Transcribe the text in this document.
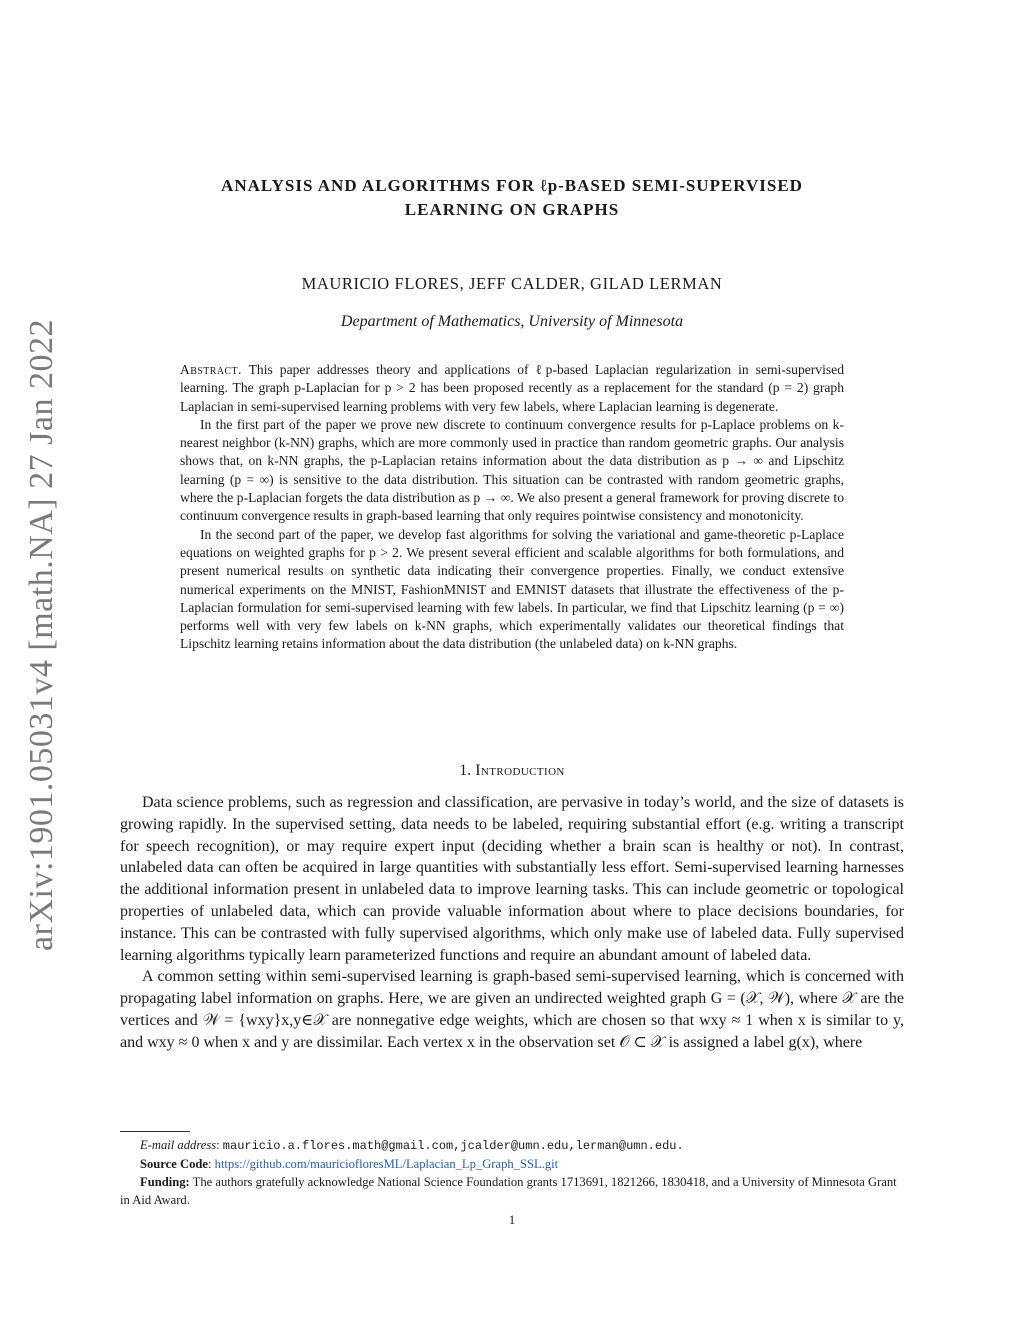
arXiv:1901.05031v4 [math.NA] 27 Jan 2022
ANALYSIS AND ALGORITHMS FOR ℓp-BASED SEMI-SUPERVISED
LEARNING ON GRAPHS
MAURICIO FLORES, JEFF CALDER, GILAD LERMAN
Department of Mathematics, University of Minnesota

Abstract. This paper addresses theory and applications of ℓp-based Laplacian regularization in semi-supervised learning. The graph p-Laplacian for p > 2 has been proposed recently as a replacement for the standard (p = 2) graph Laplacian in semi-supervised learning problems with very few labels, where Laplacian learning is degenerate.

In the first part of the paper we prove new discrete to continuum convergence results for p-Laplace problems on k-nearest neighbor (k-NN) graphs, which are more commonly used in practice than random geometric graphs. Our analysis shows that, on k-NN graphs, the p-Laplacian retains information about the data distribution as p → ∞ and Lipschitz learning (p = ∞) is sensitive to the data distribution. This situation can be contrasted with random geometric graphs, where the p-Laplacian forgets the data distribution as p → ∞. We also present a general framework for proving discrete to continuum convergence results in graph-based learning that only requires pointwise consistency and monotonicity.

In the second part of the paper, we develop fast algorithms for solving the variational and game-theoretic p-Laplace equations on weighted graphs for p > 2. We present several efficient and scalable algorithms for both formulations, and present numerical results on synthetic data indicating their convergence properties. Finally, we conduct extensive numerical experiments on the MNIST, FashionMNIST and EMNIST datasets that illustrate the effectiveness of the p-Laplacian formulation for semi-supervised learning with few labels. In particular, we find that Lipschitz learning (p = ∞) performs well with very few labels on k-NN graphs, which experimentally validates our theoretical findings that Lipschitz learning retains information about the data distribution (the unlabeled data) on k-NN graphs.

1. Introduction

Data science problems, such as regression and classification, are pervasive in today’s world, and the size of datasets is growing rapidly. In the supervised setting, data needs to be labeled, requiring substantial effort (e.g. writing a transcript for speech recognition), or may require expert input (deciding whether a brain scan is healthy or not). In contrast, unlabeled data can often be acquired in large quantities with substantially less effort. Semi-supervised learning harnesses the additional information present in unlabeled data to improve learning tasks. This can include geometric or topological properties of unlabeled data, which can provide valuable information about where to place decisions boundaries, for instance. This can be contrasted with fully supervised algorithms, which only make use of labeled data. Fully supervised learning algorithms typically learn parameterized functions and require an abundant amount of labeled data.

A common setting within semi-supervised learning is graph-based semi-supervised learning, which is concerned with propagating label information on graphs. Here, we are given an undirected weighted graph G = (𝒳, 𝒲), where 𝒳 are the vertices and 𝒲 = {wxy}x,y∈𝒳 are nonnegative edge weights, which are chosen so that wxy ≈ 1 when x is similar to y, and wxy ≈ 0 when x and y are dissimilar. Each vertex x in the observation set 𝒪 ⊂ 𝒳 is assigned a label g(x), where

E-mail address: mauricio.a.flores.math@gmail.com,jcalder@umn.edu,lerman@umn.edu.

Source Code: https://github.com/mauriciofloresML/Laplacian_Lp_Graph_SSL.git

Funding: The authors gratefully acknowledge National Science Foundation grants 1713691, 1821266, 1830418, and a University of Minnesota Grant in Aid Award.

1
